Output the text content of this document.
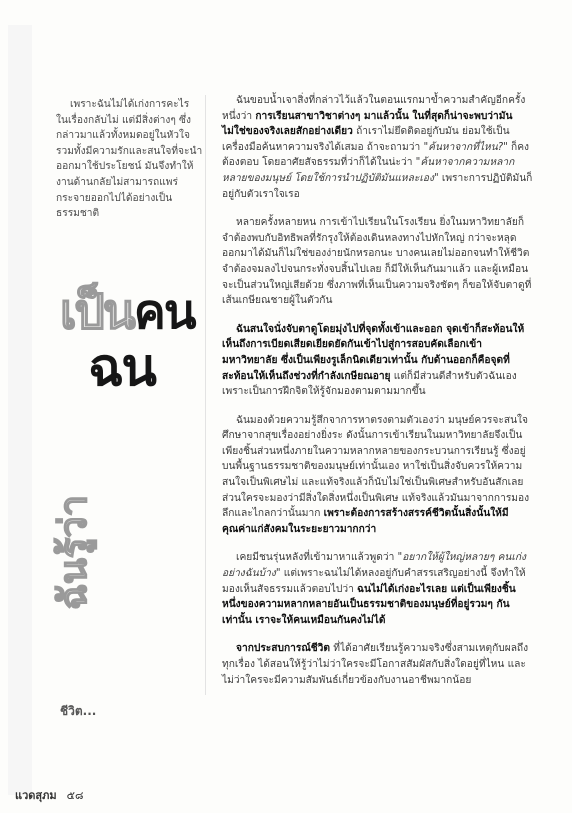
เพราะฉันไม่ได้เก่งการคะไร ในเรื่องกลับไม่ แต่มีสิ่งต่างๆ ซึ่งกล่าวมาแล้วทั้งหมดอยู่ในหัวใจ รวมทั้งมีความรักและสนใจที่จะนำออกมาใช้ประโยชน์ มันจึงทำให้งานด้านกลัยไม่สามารถแพร่กระจายออกไปได้อย่างเป็นธรรมชาติ

เป็นคน
ฉน
ฉันรู้ว่า
ชีวิต...

ฉันขอบน้ำเจาสิ่งที่กล่าวไว้แล้วในตอนแรกมาข้ำความสำคัญอีกครั้งหนึ่งว่า การเรียนสาขาวิชาต่างๆ มาแล้วนั้น ในที่สุดก็น่าจะพบว่ามันไม่ใช่ของจริงเลยสักอย่างเดียว ถ้าเราไม่ยึดติดอยู่กับมัน ย่อมใช้เป็นเครื่องมือค้นหาความจริงได้เสมอ ถ้าจะถามว่า "ค้นหาจากที่ไหน?" ก็คงต้องตอบ โดยอาศัยสัจธรรมที่ว่าก็ได้ในน่ะว่า "ค้นหาจากความหลากหลายของมนุษย์ โดยใช้การนำปฏิบัติมันแหละเอง" เพราะการปฏิบัติมันก็อยู่กับตัวเราใจเรอ

หลายครั้งหลายหน การเข้าไปเรียนในโรงเรียน ยิ่งในมหาวิทยาลัยก็จำต้องพบกับอิทธิพลที่รักรุงให้ต้องเดินหลงทางไปหักใหญ่ กว่าจะหลุดออกมาได้มันก็ไม่ใช่ของง่ายนักหรอกนะ บางคนเลยไม่ออกจนทำให้ชีวิตจำต้องจมลงไปจนกระทั่งจบสิ้นไปเลย ก็มีให้เห็นกันมาแล้ว และผู้เหมือนจะเป็นส่วนใหญ่เสียด้วย ซึ่งภาพที่เห็นเป็นความจริงชัดๆ ก็ขอให้จับตาดูที่เส้นเกษียณชายผู้ในตัวกัน

ฉันสนใจนั่งจับตาดูโดยมุ่งไปที่จุดทั้งเข้าและออก จุดเข้าก็สะท้อนให้เห็นถึงการเบียดเสียดเยียดยัดกันเข้าไปสู่การสอบคัดเลือกเข้ามหาวิทยาลัย ซึ่งเป็นเพียงรูเล็กนิดเดียวเท่านั้น กับด้านออกก็คือจุดที่สะท้อนให้เห็นถึงช่วงที่กำลังเกษียณอายุ แต่ก็มีส่วนดีสำหรับตัวฉันเอง เพราะเป็นการฝึกจิตให้รู้จักมองตามตามมากขึ้น

ฉันมองด้วยความรู้สึกจาการหาตรงตามตัวเองว่า มนุษย์ควรจะสนใจศึกษาจากสุขเรื่องอย่างยิ่งระ ดังนั้นการเข้าเรียนในมหาวิทยาลัยจึงเป็นเพียงชิ้นส่วนหนึ่งภายในความหลากหลายของกระบวนการเรียนรู้ ซึ่งอยู่บนพื้นฐานธรรมชาติของมนุษย์เท่านั้นเอง หาใช่เป็นสิ่งจับควรให้ความสนใจเป็นพิเศษไม่ และแท้จริงแล้วก็นับไม่ใช่เป็นพิเศษสำหรับอันสักเลยส่วนใครจะมองว่ามีสิ่งใดสิ่งหนึ่งเป็นพิเศษ แท้จริงแล้วมันมาจากการมองลึกและไกลกว่านั้นมาก เพราะต้องการสร้างสรรค์ชีวิตนั้นสิ่งนั้นให้มีคุณค่าแก่สังคมในระยะยาวมากกว่า

เคยมีชนรุ่นหลังที่เข้ามาหาแล้วพูดว่า "อยากให้ผู้ใหญ่หลายๆ คนเก่งอย่างฉันบ้าง" แต่เพราะฉนไม่ได้หลงอยู่กับคำสรรเสริญอย่างนี้ จึงทำให้มองเห็นสัจธรรมแล้วตอบไปว่า ฉนไม่ได้เก่งอะไรเลย แต่เป็นเพียงชิ้นหนึ่งของความหลากหลายอันเป็นธรรมชาติของมนุษย์ที่อยู่รวมๆ กันเท่านั้น เราจะให้คนเหมือนกันคงไม่ได้

จากประสบการณ์ชีวิต ที่ได้อาศัยเรียนรู้ความจริงซึ่งสามเหตุกับผลถึงทุกเรื่อง ได้สอนให้รู้ว่าไม่ว่าใครจะมีโอกาสสัมผัสกับสิ่งใดอยู่ที่ไหน และไม่ว่าใครจะมีความสัมพันธ์เกี่ยวข้องกับงานอาชีพมากน้อย

แวดสุภม ๕๘
